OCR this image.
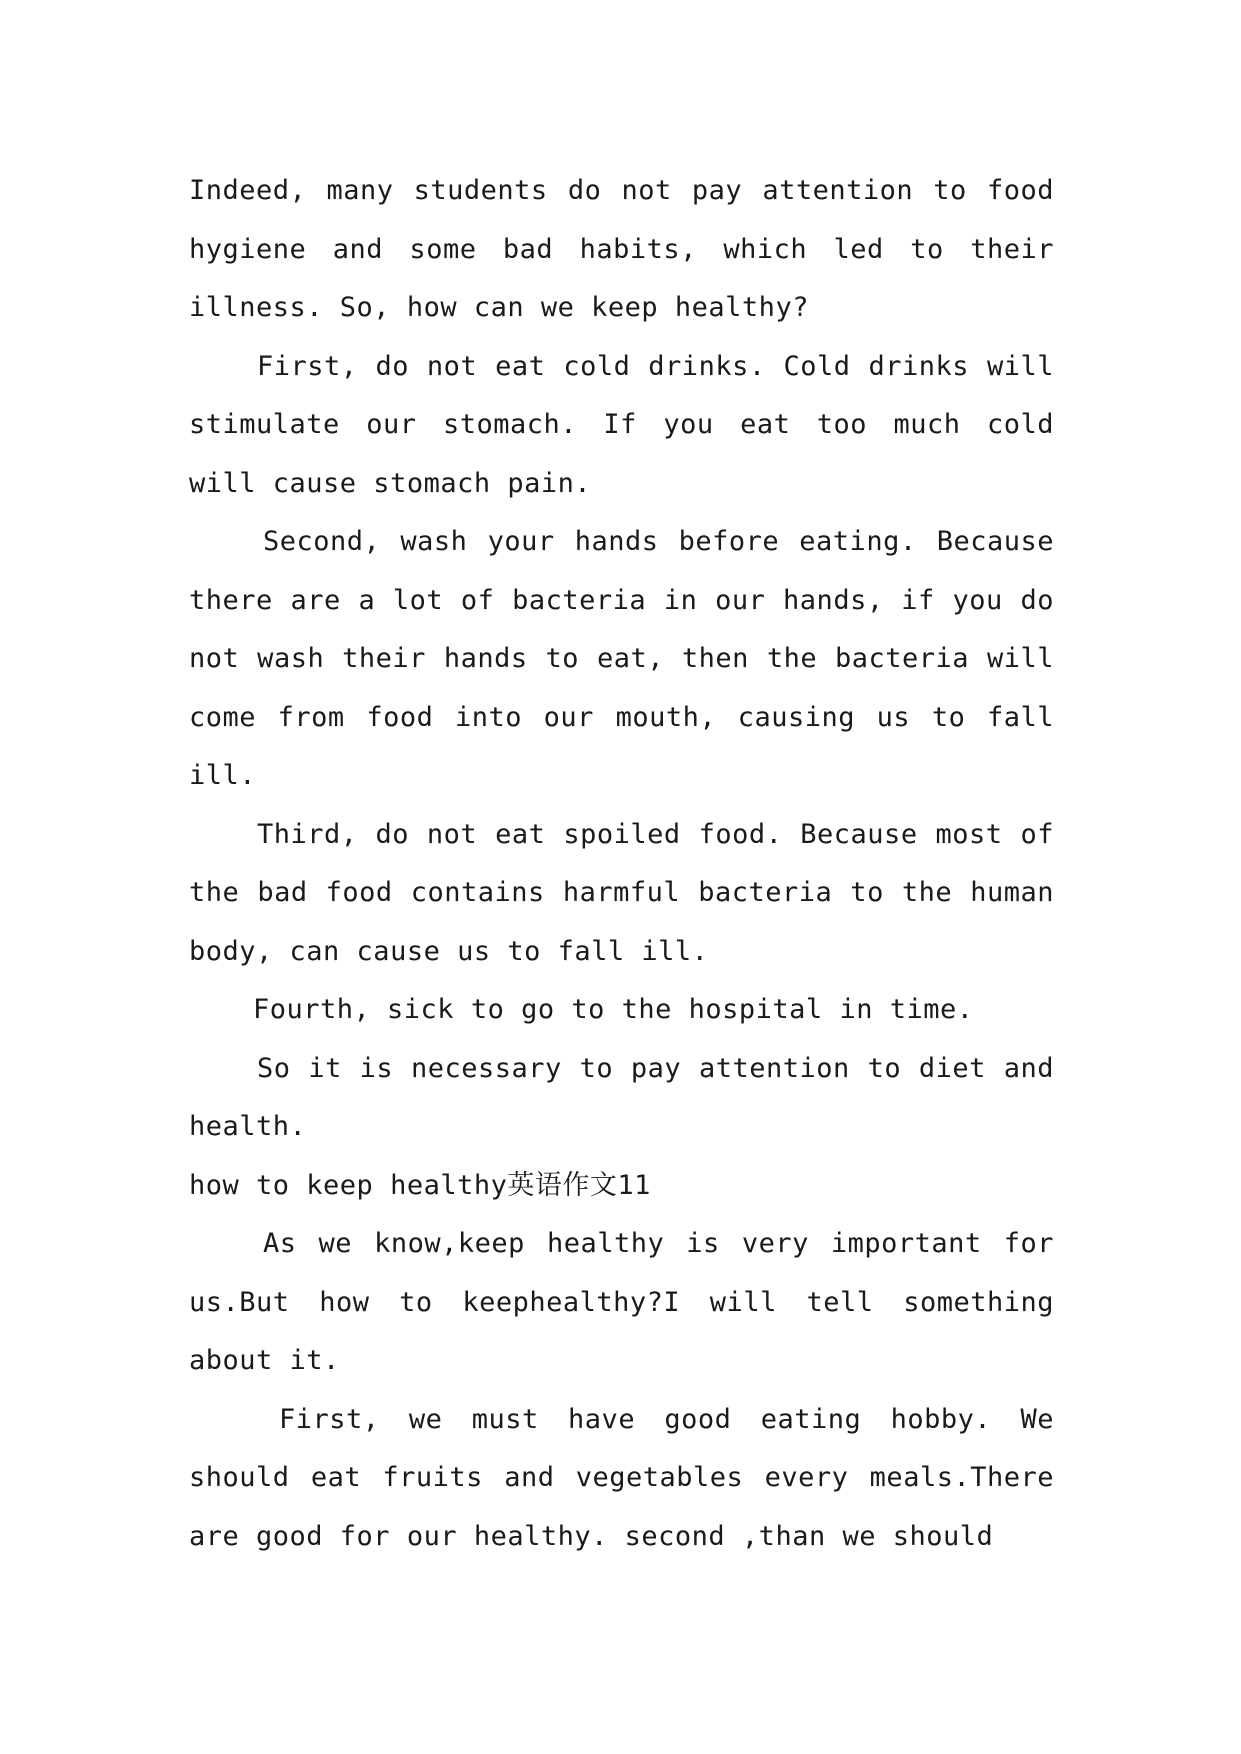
Indeed, many students do not pay attention to food hygiene and some bad habits, which led to their illness. So, how can we keep healthy?

First, do not eat cold drinks. Cold drinks will stimulate our stomach. If you eat too much cold will cause stomach pain.

Second, wash your hands before eating. Because there are a lot of bacteria in our hands, if you do not wash their hands to eat, then the bacteria will come from food into our mouth, causing us to fall ill.

Third, do not eat spoiled food. Because most of the bad food contains harmful bacteria to the human body, can cause us to fall ill.

Fourth, sick to go to the hospital in time.

So it is necessary to pay attention to diet and health.

how to keep healthy英语作文11

As we know,keep healthy is very important for us.But how to keephealthy?I will tell something about it.

First, we must have good eating hobby. We should eat fruits and vegetables every meals.There are good for our healthy. second ,than we should
